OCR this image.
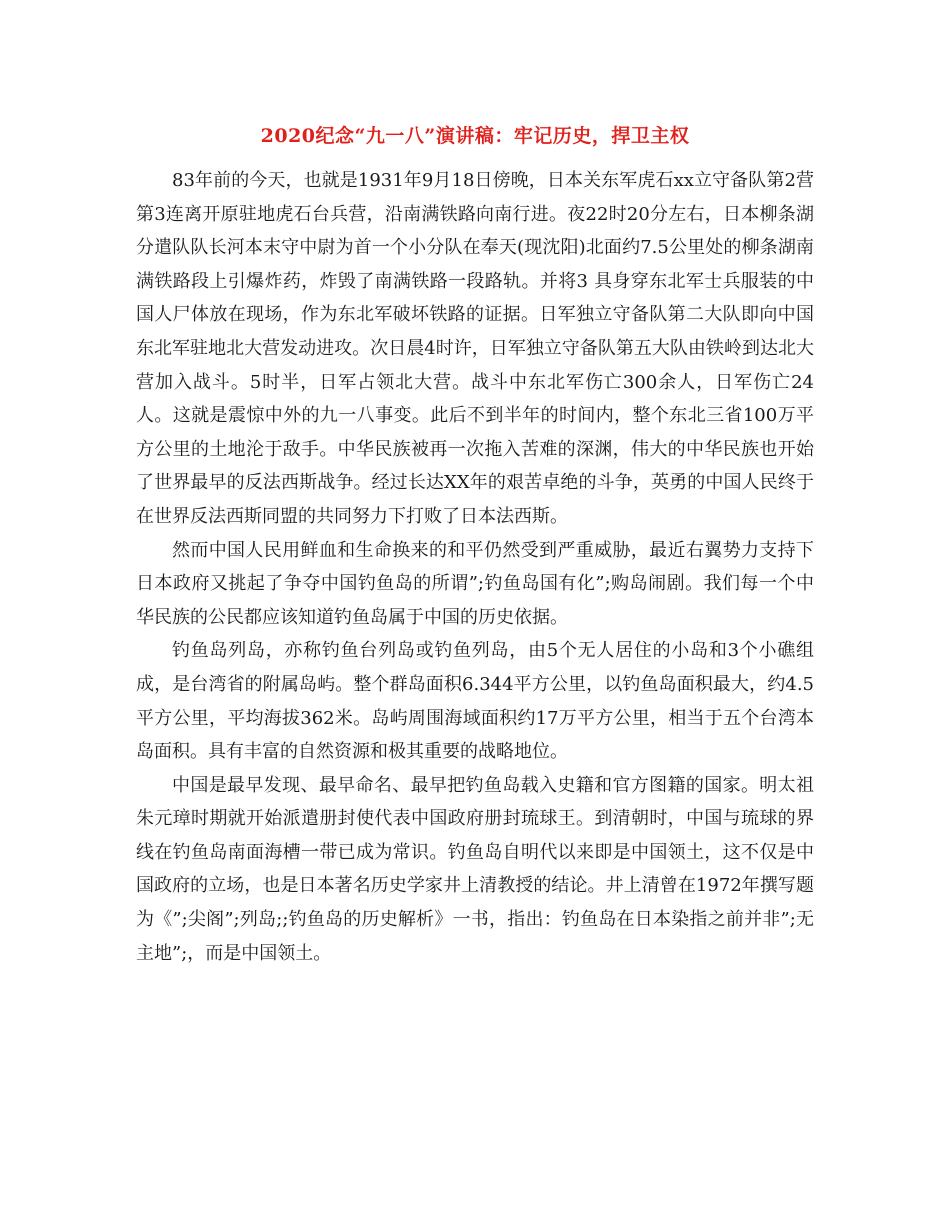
2020纪念“九一八”演讲稿：牢记历史，捍卫主权

83年前的今天，也就是1931年9月18日傍晚，日本关东军虎石xx立守备队第2营第3连离开原驻地虎石台兵营，沿南满铁路向南行进。夜22时20分左右，日本柳条湖分遣队队长河本末守中尉为首一个小分队在奉天(现沈阳)北面约7.5公里处的柳条湖南满铁路段上引爆炸药，炸毁了南满铁路一段路轨。并将3 具身穿东北军士兵服装的中国人尸体放在现场，作为东北军破坏铁路的证据。日军独立守备队第二大队即向中国东北军驻地北大营发动进攻。次日晨4时许，日军独立守备队第五大队由铁岭到达北大营加入战斗。5时半，日军占领北大营。战斗中东北军伤亡300余人，日军伤亡24人。这就是震惊中外的九一八事变。此后不到半年的时间内，整个东北三省100万平方公里的土地沦于敌手。中华民族被再一次拖入苦难的深渊，伟大的中华民族也开始了世界最早的反法西斯战争。经过长达XX年的艰苦卓绝的斗争，英勇的中国人民终于在世界反法西斯同盟的共同努力下打败了日本法西斯。

然而中国人民用鲜血和生命换来的和平仍然受到严重威胁，最近右翼势力支持下日本政府又挑起了争夺中国钓鱼岛的所谓”;钓鱼岛国有化”;购岛闹剧。我们每一个中华民族的公民都应该知道钓鱼岛属于中国的历史依据。

钓鱼岛列岛，亦称钓鱼台列岛或钓鱼列岛，由5个无人居住的小岛和3个小礁组成，是台湾省的附属岛屿。整个群岛面积6.344平方公里，以钓鱼岛面积最大，约4.5平方公里，平均海拔362米。岛屿周围海域面积约17万平方公里，相当于五个台湾本岛面积。具有丰富的自然资源和极其重要的战略地位。

中国是最早发现、最早命名、最早把钓鱼岛载入史籍和官方图籍的国家。明太祖朱元璋时期就开始派遣册封使代表中国政府册封琉球王。到清朝时，中国与琉球的界线在钓鱼岛南面海槽一带已成为常识。钓鱼岛自明代以来即是中国领土，这不仅是中国政府的立场，也是日本著名历史学家井上清教授的结论。井上清曾在1972年撰写题为《”;尖阁”;列岛;;钓鱼岛的历史解析》一书，指出：钓鱼岛在日本染指之前并非”;无主地”;，而是中国领土。
